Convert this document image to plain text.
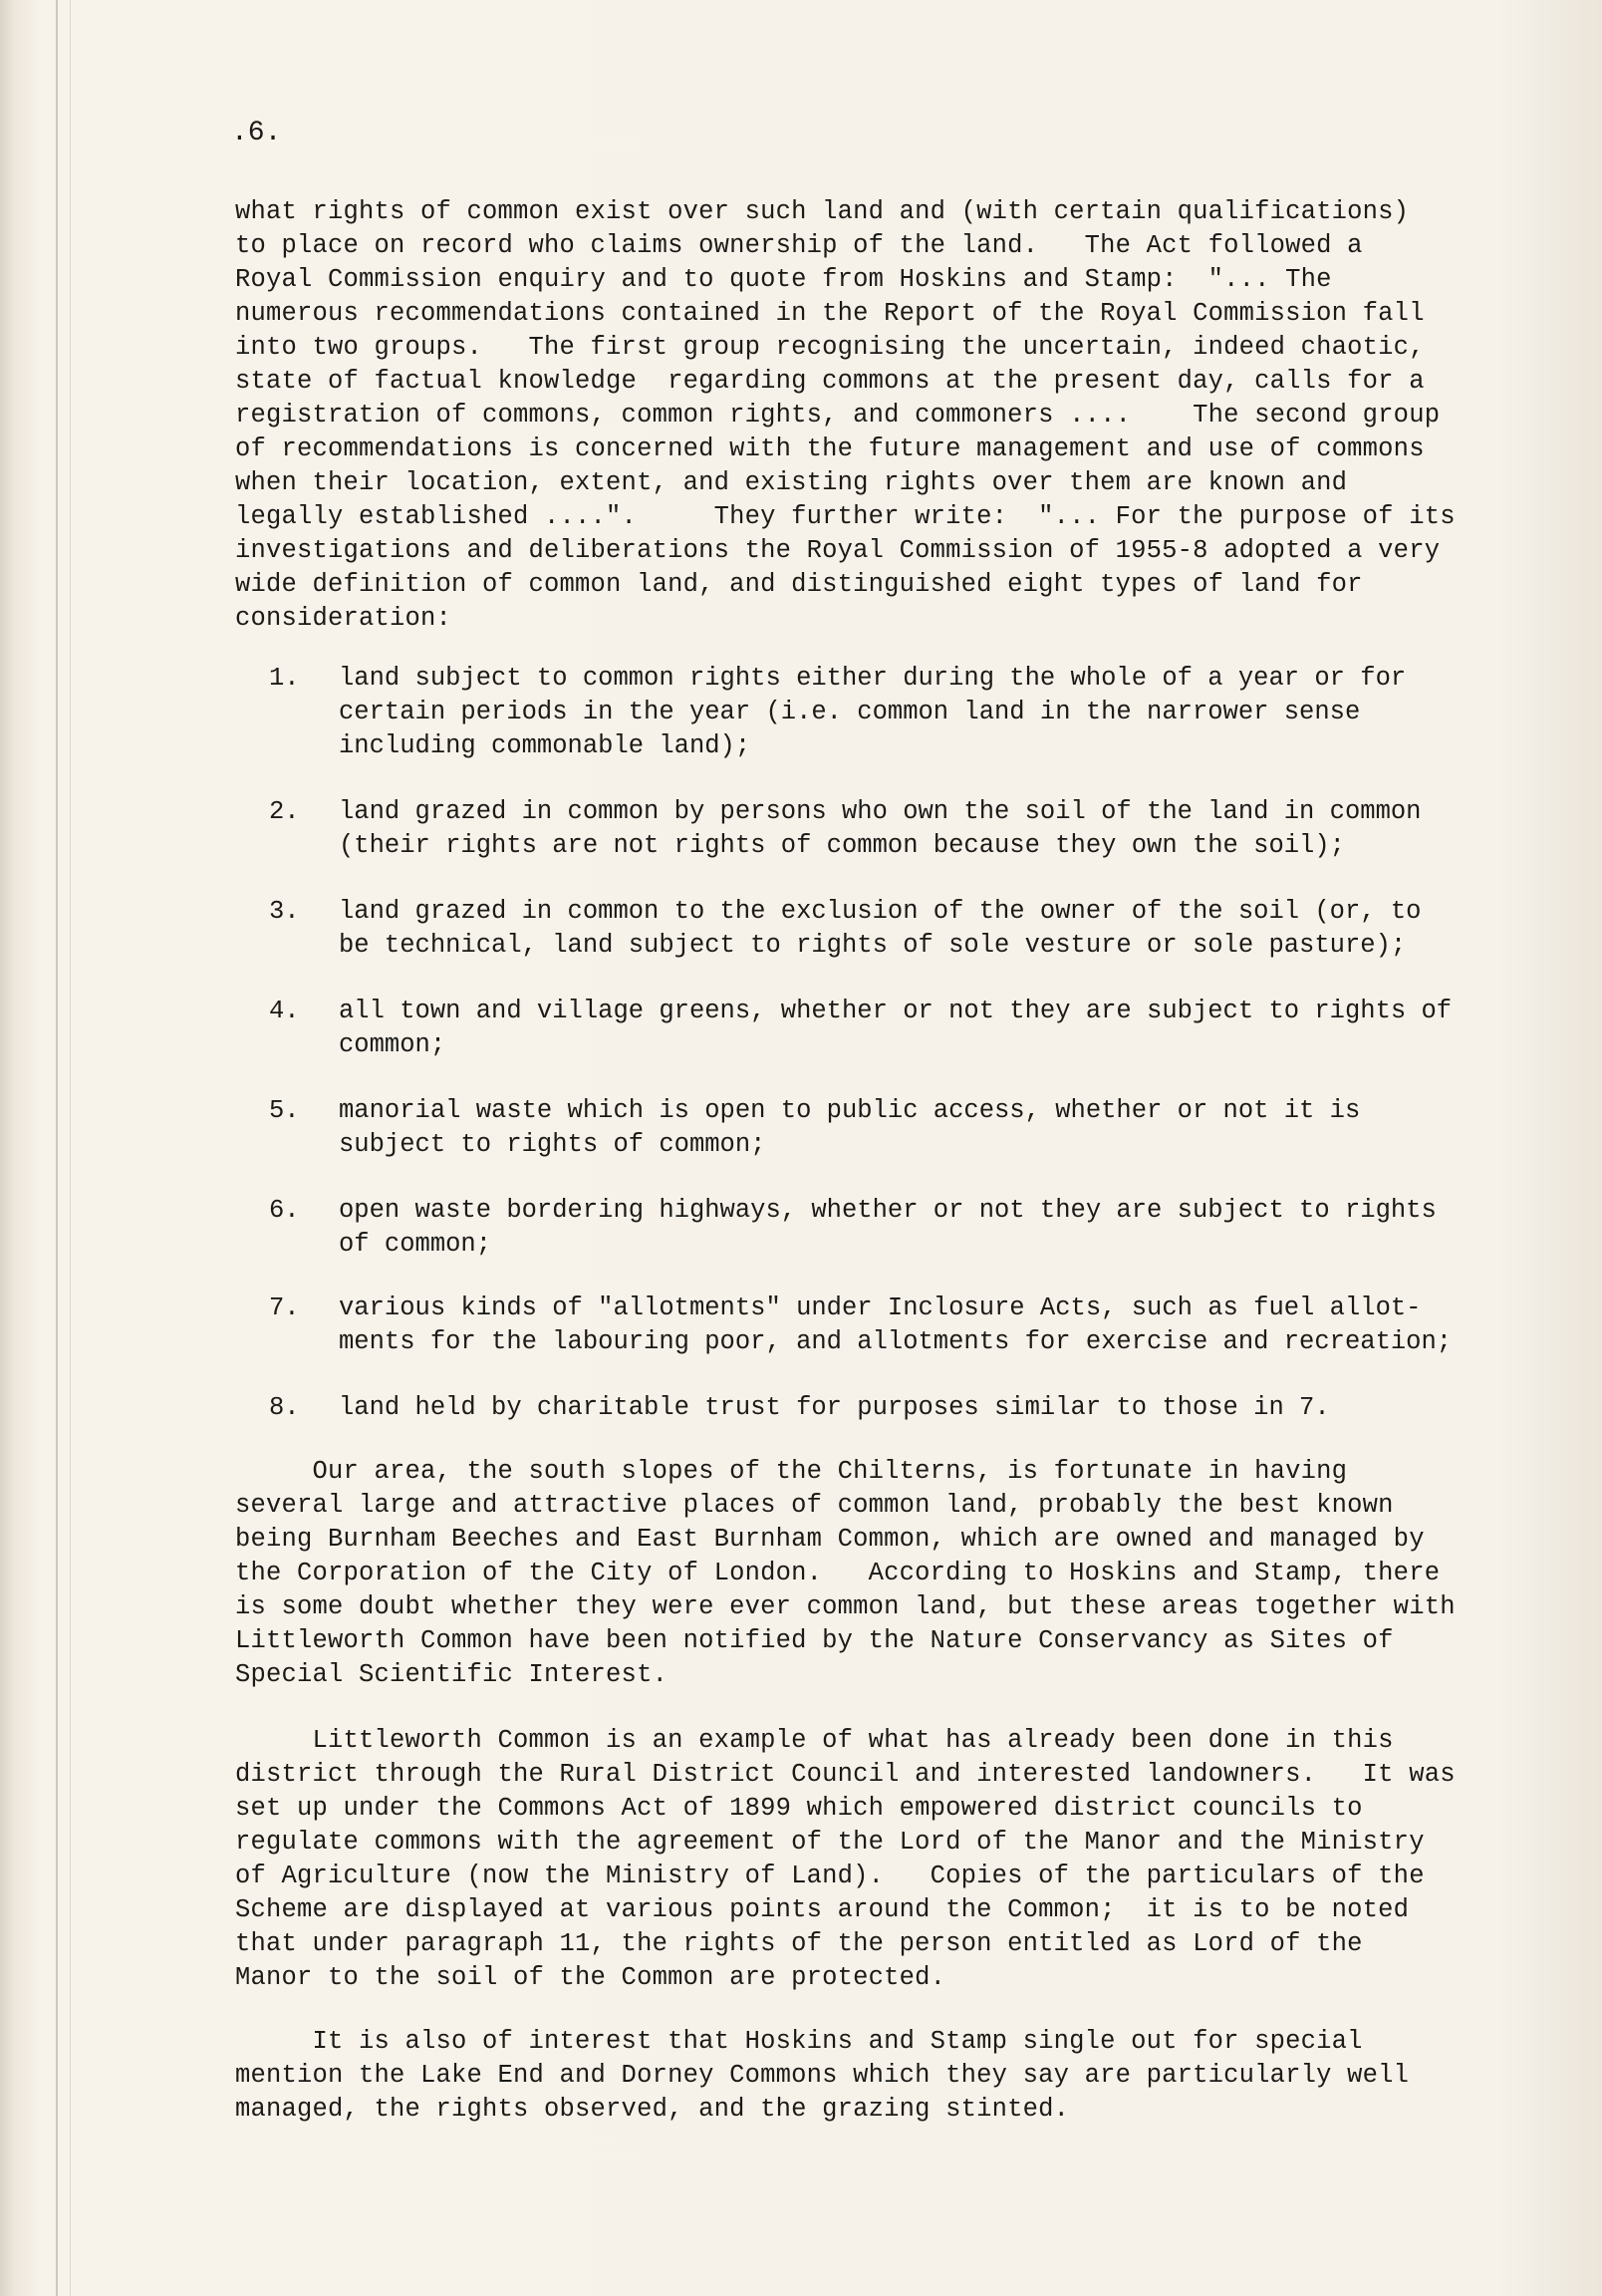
.6.
what rights of common exist over such land and (with certain qualifications)
to place on record who claims ownership of the land.   The Act followed a
Royal Commission enquiry and to quote from Hoskins and Stamp:  "... The
numerous recommendations contained in the Report of the Royal Commission fall
into two groups.   The first group recognising the uncertain, indeed chaotic,
state of factual knowledge  regarding commons at the present day, calls for a
registration of commons, common rights, and commoners ....    The second group
of recommendations is concerned with the future management and use of commons
when their location, extent, and existing rights over them are known and
legally established ....".     They further write:  "... For the purpose of its
investigations and deliberations the Royal Commission of 1955-8 adopted a very
wide definition of common land, and distinguished eight types of land for
consideration:
1.	land subject to common rights either during the whole of a year or for
certain periods in the year (i.e. common land in the narrower sense
including commonable land);
2.	land grazed in common by persons who own the soil of the land in common
(their rights are not rights of common because they own the soil);
3.	land grazed in common to the exclusion of the owner of the soil (or, to
be technical, land subject to rights of sole vesture or sole pasture);
4.	all town and village greens, whether or not they are subject to rights of
common;
5.	manorial waste which is open to public access, whether or not it is
subject to rights of common;
6.	open waste bordering highways, whether or not they are subject to rights
of common;
7.	various kinds of "allotments" under Inclosure Acts, such as fuel allot-
ments for the labouring poor, and allotments for exercise and recreation;
8.	land held by charitable trust for purposes similar to those in 7.
Our area, the south slopes of the Chilterns, is fortunate in having
several large and attractive places of common land, probably the best known
being Burnham Beeches and East Burnham Common, which are owned and managed by
the Corporation of the City of London.   According to Hoskins and Stamp, there
is some doubt whether they were ever common land, but these areas together with
Littleworth Common have been notified by the Nature Conservancy as Sites of
Special Scientific Interest.
Littleworth Common is an example of what has already been done in this
district through the Rural District Council and interested landowners.   It was
set up under the Commons Act of 1899 which empowered district councils to
regulate commons with the agreement of the Lord of the Manor and the Ministry
of Agriculture (now the Ministry of Land).   Copies of the particulars of the
Scheme are displayed at various points around the Common;  it is to be noted
that under paragraph 11, the rights of the person entitled as Lord of the
Manor to the soil of the Common are protected.
It is also of interest that Hoskins and Stamp single out for special
mention the Lake End and Dorney Commons which they say are particularly well
managed, the rights observed, and the grazing stinted.
